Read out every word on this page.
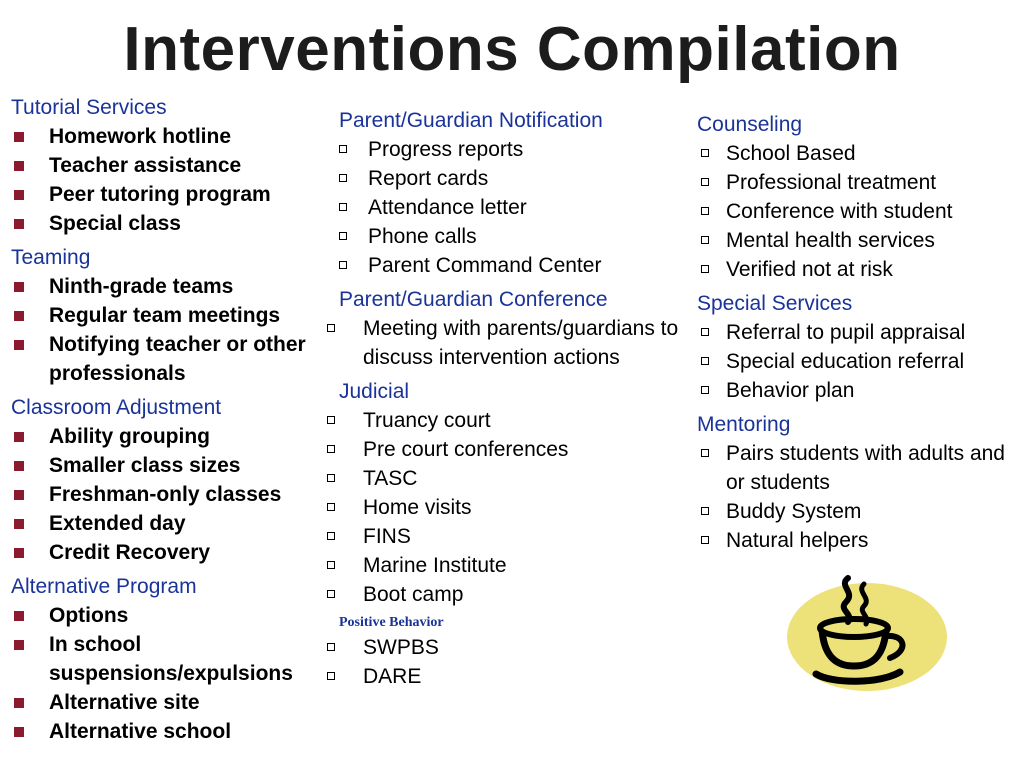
Interventions Compilation
Tutorial Services
Homework hotline
Teacher assistance
Peer tutoring program
Special class
Teaming
Ninth-grade teams
Regular team meetings
Notifying teacher or other professionals
Classroom Adjustment
Ability grouping
Smaller class sizes
Freshman-only classes
Extended day
Credit Recovery
Alternative Program
Options
In school suspensions/expulsions
Alternative site
Alternative school
Parent/Guardian Notification
Progress reports
Report cards
Attendance letter
Phone calls
Parent Command Center
Parent/Guardian Conference
Meeting with parents/guardians to discuss intervention actions
Judicial
Truancy court
Pre court conferences
TASC
Home visits
FINS
Marine Institute
Boot camp
Positive Behavior
SWPBS
DARE
Counseling
School Based
Professional treatment
Conference with student
Mental health services
Verified not at risk
Special Services
Referral to pupil appraisal
Special education referral
Behavior plan
Mentoring
Pairs students with adults and or students
Buddy System
Natural helpers
